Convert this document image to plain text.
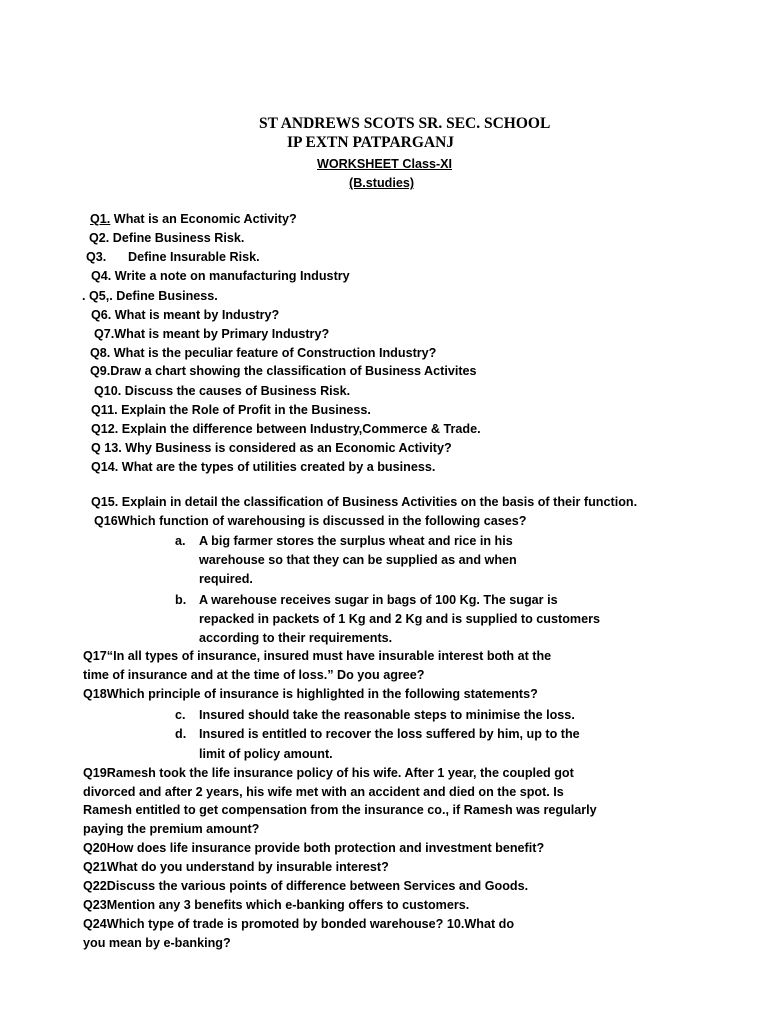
ST ANDREWS SCOTS SR. SEC. SCHOOL
IP EXTN PATPARGANJ
WORKSHEET Class-XI
(B.studies)
Q1. What is an Economic Activity?
Q2. Define Business Risk.
Q3. Define Insurable Risk.
Q4. Write a note on manufacturing Industry
. Q5,. Define Business.
Q6. What is meant by Industry?
Q7.What is meant by Primary Industry?
Q8. What is the peculiar feature of Construction Industry?
Q9.Draw a chart showing the classification of Business Activites
Q10. Discuss the causes of Business Risk.
Q11. Explain the Role of Profit in the Business.
Q12. Explain the difference between Industry,Commerce & Trade.
Q 13. Why Business is considered as an Economic Activity?
Q14. What are the types of utilities created by a business.
Q15. Explain in detail the classification of Business Activities on the basis of their function.
Q16Which function of warehousing is discussed in the following cases?
a. A big farmer stores the surplus wheat and rice in his
warehouse so that they can be supplied as and when
required.
b. A warehouse receives sugar in bags of 100 Kg. The sugar is
repacked in packets of 1 Kg and 2 Kg and is supplied to customers
according to their requirements.
Q17“In all types of insurance, insured must have insurable interest both at the
time of insurance and at the time of loss.” Do you agree?
Q18Which principle of insurance is highlighted in the following statements?
c. Insured should take the reasonable steps to minimise the loss.
d. Insured is entitled to recover the loss suffered by him, up to the
limit of policy amount.
Q19Ramesh took the life insurance policy of his wife. After 1 year, the coupled got
divorced and after 2 years, his wife met with an accident and died on the spot. Is
Ramesh entitled to get compensation from the insurance co., if Ramesh was regularly
paying the premium amount?
Q20How does life insurance provide both protection and investment benefit?
Q21What do you understand by insurable interest?
Q22Discuss the various points of difference between Services and Goods.
Q23Mention any 3 benefits which e-banking offers to customers.
Q24Which type of trade is promoted by bonded warehouse? 10.What do
you mean by e-banking?
